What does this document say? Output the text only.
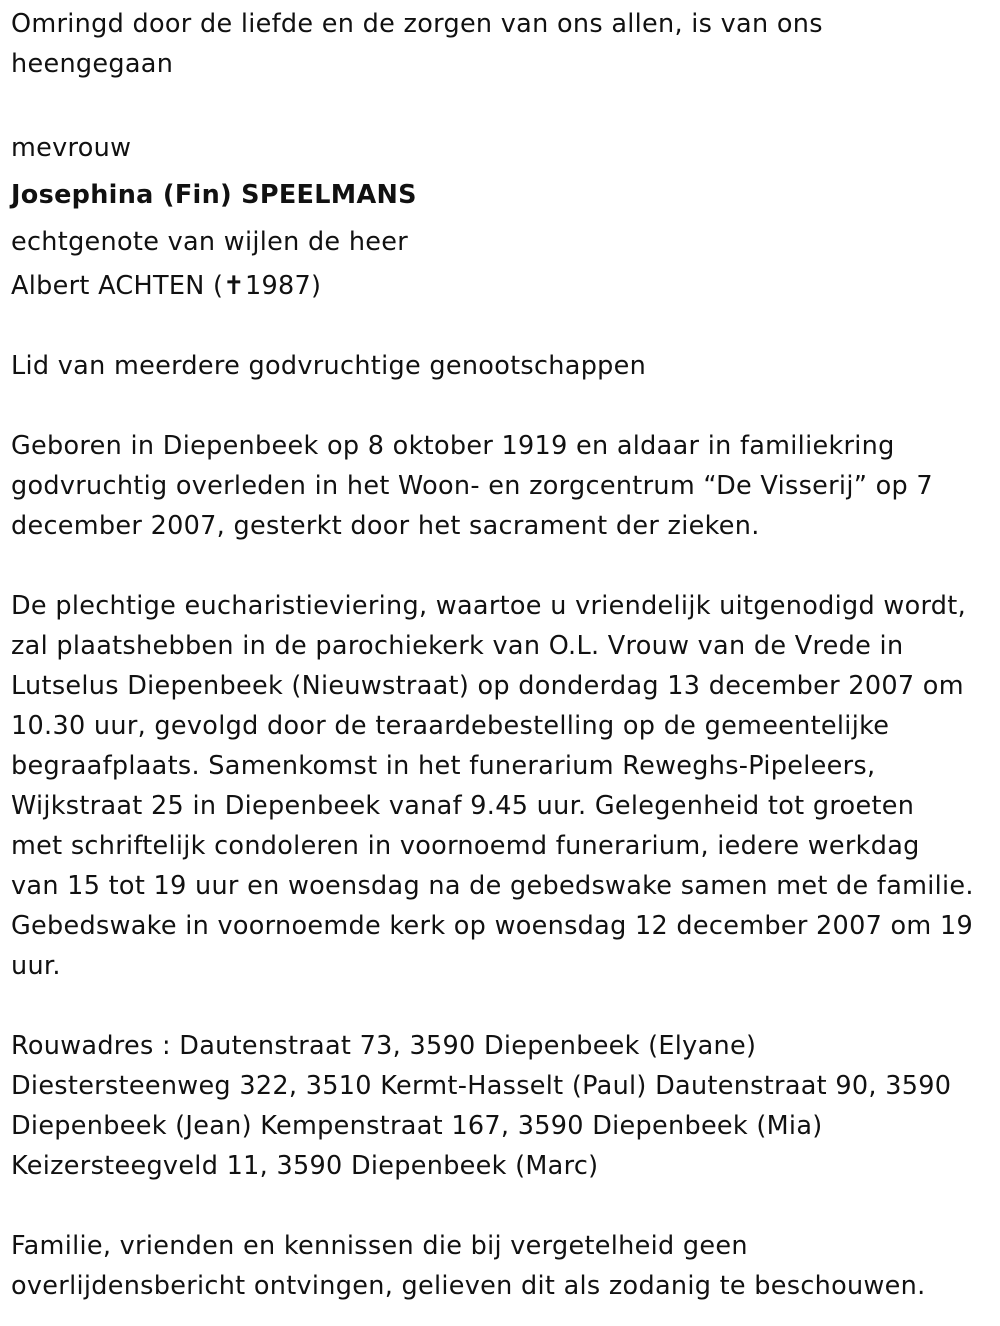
Omringd door de liefde en de zorgen van ons allen, is van ons
heengegaan
mevrouw
Josephina (Fin) SPEELMANS
echtgenote van wijlen de heer
Albert ACHTEN (✝1987)
Lid van meerdere godvruchtige genootschappen
Geboren in Diepenbeek op 8 oktober 1919 en aldaar in familiekring
godvruchtig overleden in het Woon- en zorgcentrum “De Visserij” op 7
december 2007, gesterkt door het sacrament der zieken.
De plechtige eucharistieviering, waartoe u vriendelijk uitgenodigd wordt,
zal plaatshebben in de parochiekerk van O.L. Vrouw van de Vrede in
Lutselus Diepenbeek (Nieuwstraat) op donderdag 13 december 2007 om
10.30 uur, gevolgd door de teraardebestelling op de gemeentelijke
begraafplaats. Samenkomst in het funerarium Reweghs-Pipeleers,
Wijkstraat 25 in Diepenbeek vanaf 9.45 uur. Gelegenheid tot groeten
met schriftelijk condoleren in voornoemd funerarium, iedere werkdag
van 15 tot 19 uur en woensdag na de gebedswake samen met de familie.
Gebedswake in voornoemde kerk op woensdag 12 december 2007 om 19
uur.
Rouwadres : Dautenstraat 73, 3590 Diepenbeek (Elyane)
Diestersteenweg 322, 3510 Kermt-Hasselt (Paul) Dautenstraat 90, 3590
Diepenbeek (Jean) Kempenstraat 167, 3590 Diepenbeek (Mia)
Keizersteegveld 11, 3590 Diepenbeek (Marc)
Familie, vrienden en kennissen die bij vergetelheid geen
overlijdensbericht ontvingen, gelieven dit als zodanig te beschouwen.
